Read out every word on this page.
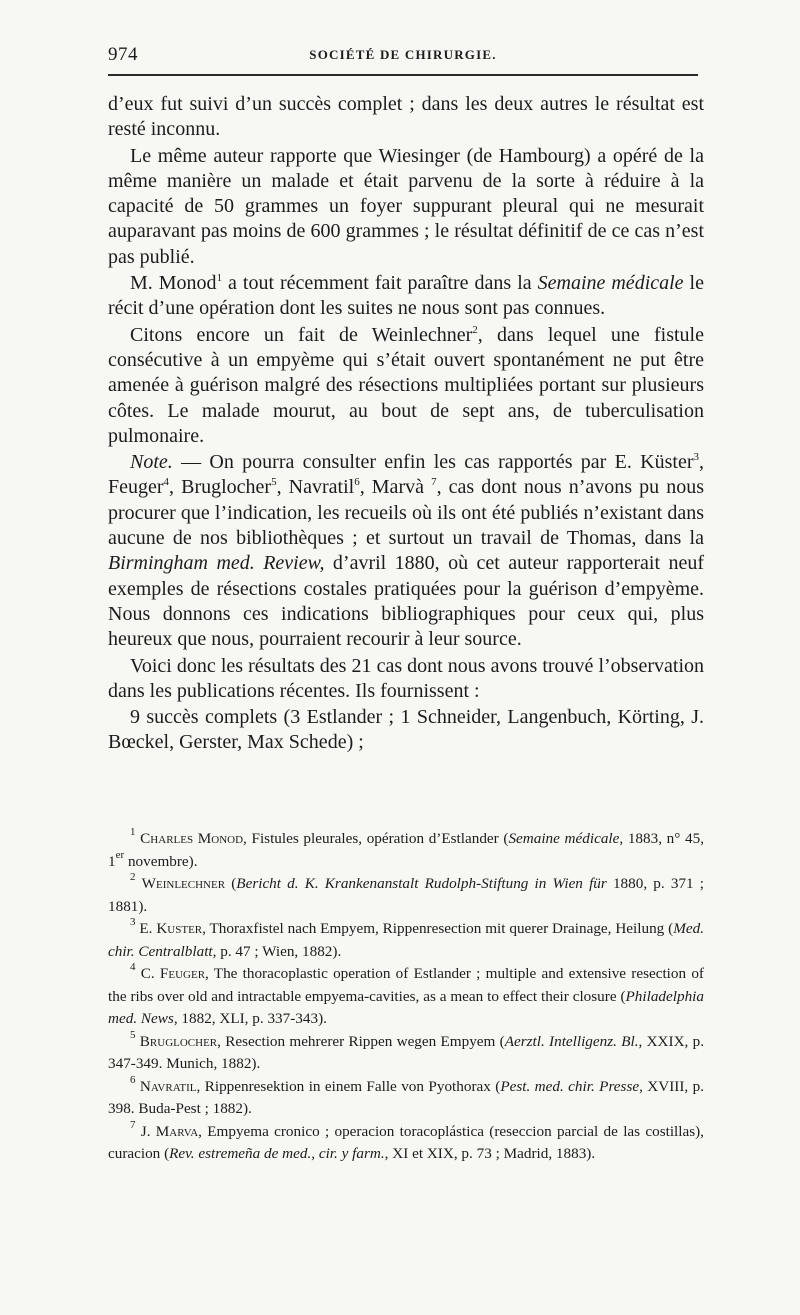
974	SOCIÉTÉ DE CHIRURGIE.

d’eux fut suivi d’un succès complet ; dans les deux autres le résultat est resté inconnu.

Le même auteur rapporte que Wiesinger (de Hambourg) a opéré de la même manière un malade et était parvenu de la sorte à réduire à la capacité de 50 grammes un foyer suppurant pleural qui ne mesurait auparavant pas moins de 600 grammes ; le résultat définitif de ce cas n’est pas publié.

M. Monod$^1$ a tout récemment fait paraître dans la Semaine médicale le récit d’une opération dont les suites ne nous sont pas connues.

Citons encore un fait de Weinlechner$^2$, dans lequel une fistule consécutive à un empyème qui s’était ouvert spontanément ne put être amenée à guérison malgré des résections multipliées portant sur plusieurs côtes. Le malade mourut, au bout de sept ans, de tuberculisation pulmonaire.

Note. — On pourra consulter enfin les cas rapportés par E. Küster$^3$, Feuger$^4$, Bruglocher$^5$, Navratil$^6$, Marvà $^7$, cas dont nous n’avons pu nous procurer que l’indication, les recueils où ils ont été publiés n’existant dans aucune de nos bibliothèques ; et surtout un travail de Thomas, dans la Birmingham med. Review, d’avril 1880, où cet auteur rapporterait neuf exemples de résections costales pratiquées pour la guérison d’empyème. Nous donnons ces indications bibliographiques pour ceux qui, plus heureux que nous, pourraient recourir à leur source.

Voici donc les résultats des 21 cas dont nous avons trouvé l’observation dans les publications récentes. Ils fournissent :

9 succès complets (3 Estlander ; 1 Schneider, Langenbuch, Körting, J. Bœckel, Gerster, Max Schede) ;

$^1$ Charles Monod, Fistules pleurales, opération d’Estlander (Semaine médicale, 1883, n° 45, 1er novembre).

$^2$ Weinlechner (Bericht d. K. Krankenanstalt Rudolph-Stiftung in Wien für 1880, p. 371 ; 1881).

$^3$ E. Kuster, Thoraxfistel nach Empyem, Rippenresection mit querer Drainage, Heilung (Med. chir. Centralblatt, p. 47 ; Wien, 1882).

$^4$ C. Feuger, The thoracoplastic operation of Estlander ; multiple and extensive resection of the ribs over old and intractable empyema-cavities, as a mean to effect their closure (Philadelphia med. News, 1882, XLI, p. 337-343).

$^5$ Bruglocher, Resection mehrerer Rippen wegen Empyem (Aerztl. Intelligenz. Bl., XXIX, p. 347-349. Munich, 1882).

$^6$ Navratil, Rippenresektion in einem Falle von Pyothorax (Pest. med. chir. Presse, XVIII, p. 398. Buda-Pest ; 1882).

$^7$ J. Marva, Empyema cronico ; operacion toracoplástica (reseccion parcial de las costillas), curacion (Rev. estremeña de med., cir. y farm., XI et XIX, p. 73 ; Madrid, 1883).
